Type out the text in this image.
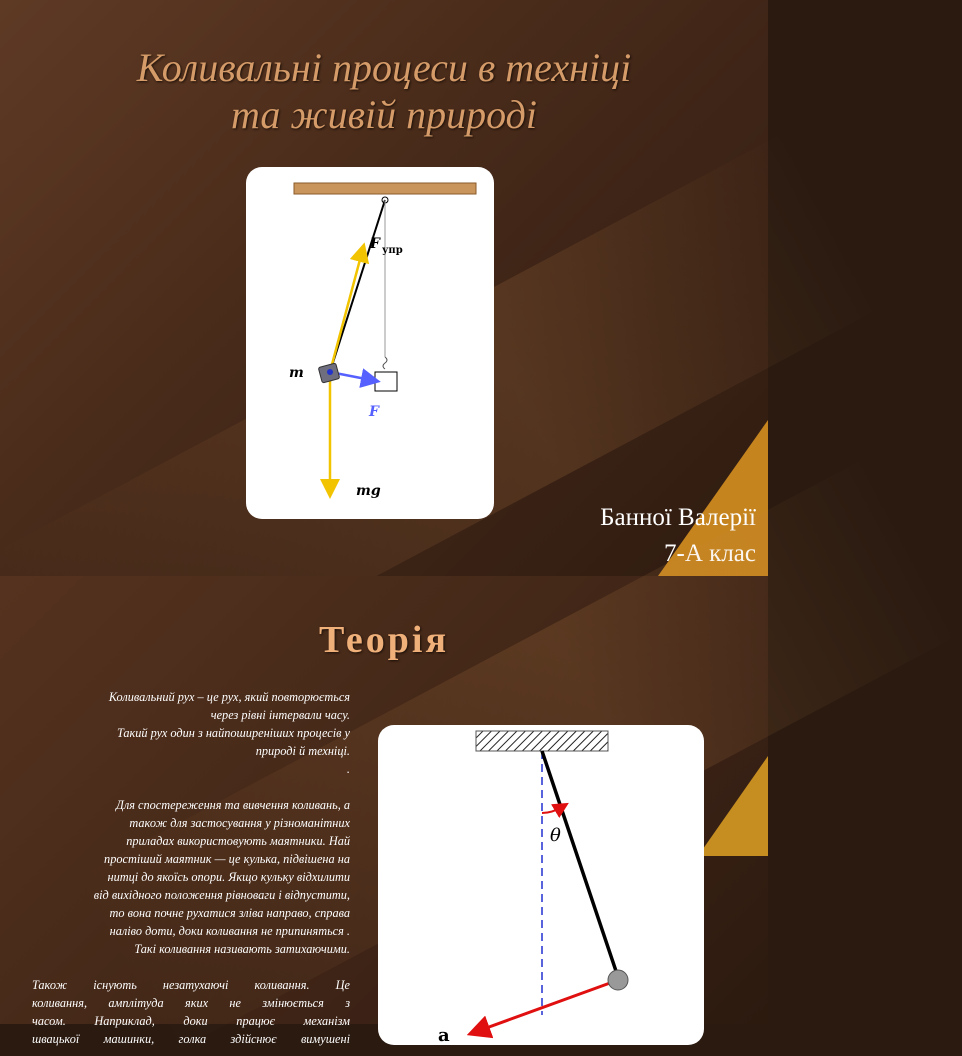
Коливальні процеси в техніці
та живій природі
m
F упр
F
mg
Банної Валерії
7-А клас
Теорія

Коливальний рух – це рух, який повторюється

через рівні інтервали часу.

Такий рух один з найпоширеніших процесів у

природі й техніці.

.

Для спостереження та вивчення коливань, а

також для застосування у різноманітних

приладах використовують маятники. Най

простіший маятник — це кулька, підвішена на

нитці до якоїсь опори. Якщо кульку відхилити

від вихідного положення рівноваги і відпустити,

то вона почне рухатися зліва направо, справа

наліво доти, доки коливання не припиняться .

Такі коливання називають затихаючими.

Також існують незатухаючі коливання. Це

коливання, амплітуда яких не змінюється з

часом. Наприклад, доки працює механізм

швацької машинки, голка здійснює вимушені

θ
a
